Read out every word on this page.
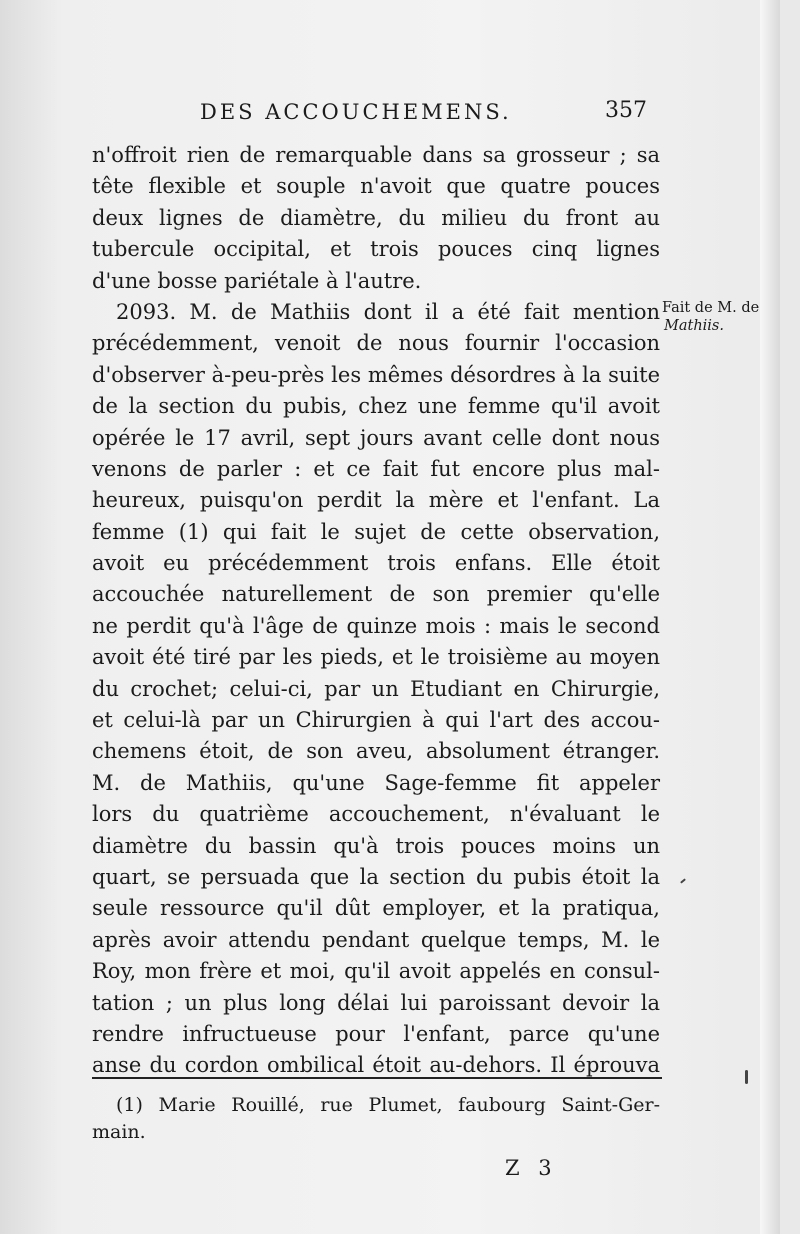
DES ACCOUCHEMENS.	357
n'offroit rien de remarquable dans sa grosseur ; sa
tête flexible et souple n'avoit que quatre pouces
deux lignes de diamètre, du milieu du front au
tubercule occipital, et trois pouces cinq lignes
d'une bosse pariétale à l'autre.
2093. M. de Mathiis dont il a été fait mention
précédemment, venoit de nous fournir l'occasion
d'observer à-peu-près les mêmes désordres à la suite
de la section du pubis, chez une femme qu'il avoit
opérée le 17 avril, sept jours avant celle dont nous
venons de parler : et ce fait fut encore plus mal-
heureux, puisqu'on perdit la mère et l'enfant. La
femme (1) qui fait le sujet de cette observation,
avoit eu précédemment trois enfans. Elle étoit
accouchée naturellement de son premier qu'elle
ne perdit qu'à l'âge de quinze mois : mais le second
avoit été tiré par les pieds, et le troisième au moyen
du crochet; celui-ci, par un Etudiant en Chirurgie,
et celui-là par un Chirurgien à qui l'art des accou-
chemens étoit, de son aveu, absolument étranger.
M. de Mathiis, qu'une Sage-femme fit appeler
lors du quatrième accouchement, n'évaluant le
diamètre du bassin qu'à trois pouces moins un
quart, se persuada que la section du pubis étoit la
seule ressource qu'il dût employer, et la pratiqua,
après avoir attendu pendant quelque temps, M. le
Roy, mon frère et moi, qu'il avoit appelés en consul-
tation ; un plus long délai lui paroissant devoir la
rendre infructueuse pour l'enfant, parce qu'une
anse du cordon ombilical étoit au-dehors. Il éprouva
Fait de M. de
Mathiis.
(1) Marie Rouillé, rue Plumet, faubourg Saint-Ger-
main.
Z 3
